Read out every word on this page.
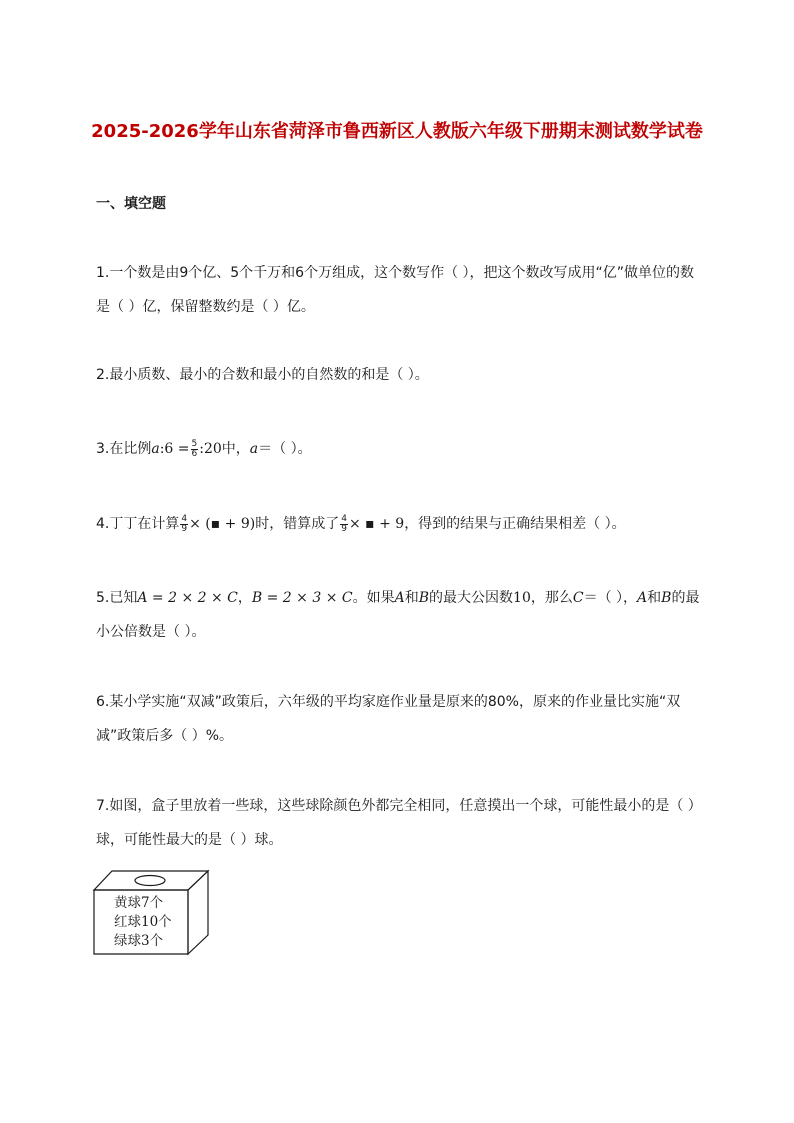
2025-2026学年山东省菏泽市鲁西新区人教版六年级下册期末测试数学试卷
一、填空题
1.一个数是由9个亿、5个千万和6个万组成，这个数写作（ ），把这个数改写成用“亿”做单位的数是（ ）亿，保留整数约是（ ）亿。
2.最小质数、最小的合数和最小的自然数的和是（ ）。
3.在比例a:6 = $\frac{5}{6}$ :20中，a＝（ ）。
4.丁丁在计算 $\frac{4}{9}$ × (▪ + 9)时，错算成了 $\frac{4}{9}$ × ▪ + 9，得到的结果与正确结果相差（ ）。
5.已知A = 2 × 2 × C，B = 2 × 3 × C。如果A和B的最大公因数10，那么C＝（ ），A和B的最小公倍数是（ ）。
6.某小学实施“双减”政策后，六年级的平均家庭作业量是原来的80%，原来的作业量比实施“双减”政策后多（ ）%。
7.如图，盒子里放着一些球，这些球除颜色外都完全相同，任意摸出一个球，可能性最小的是（ ）球，可能性最大的是（ ）球。
黄球7个
红球10个
绿球3个
